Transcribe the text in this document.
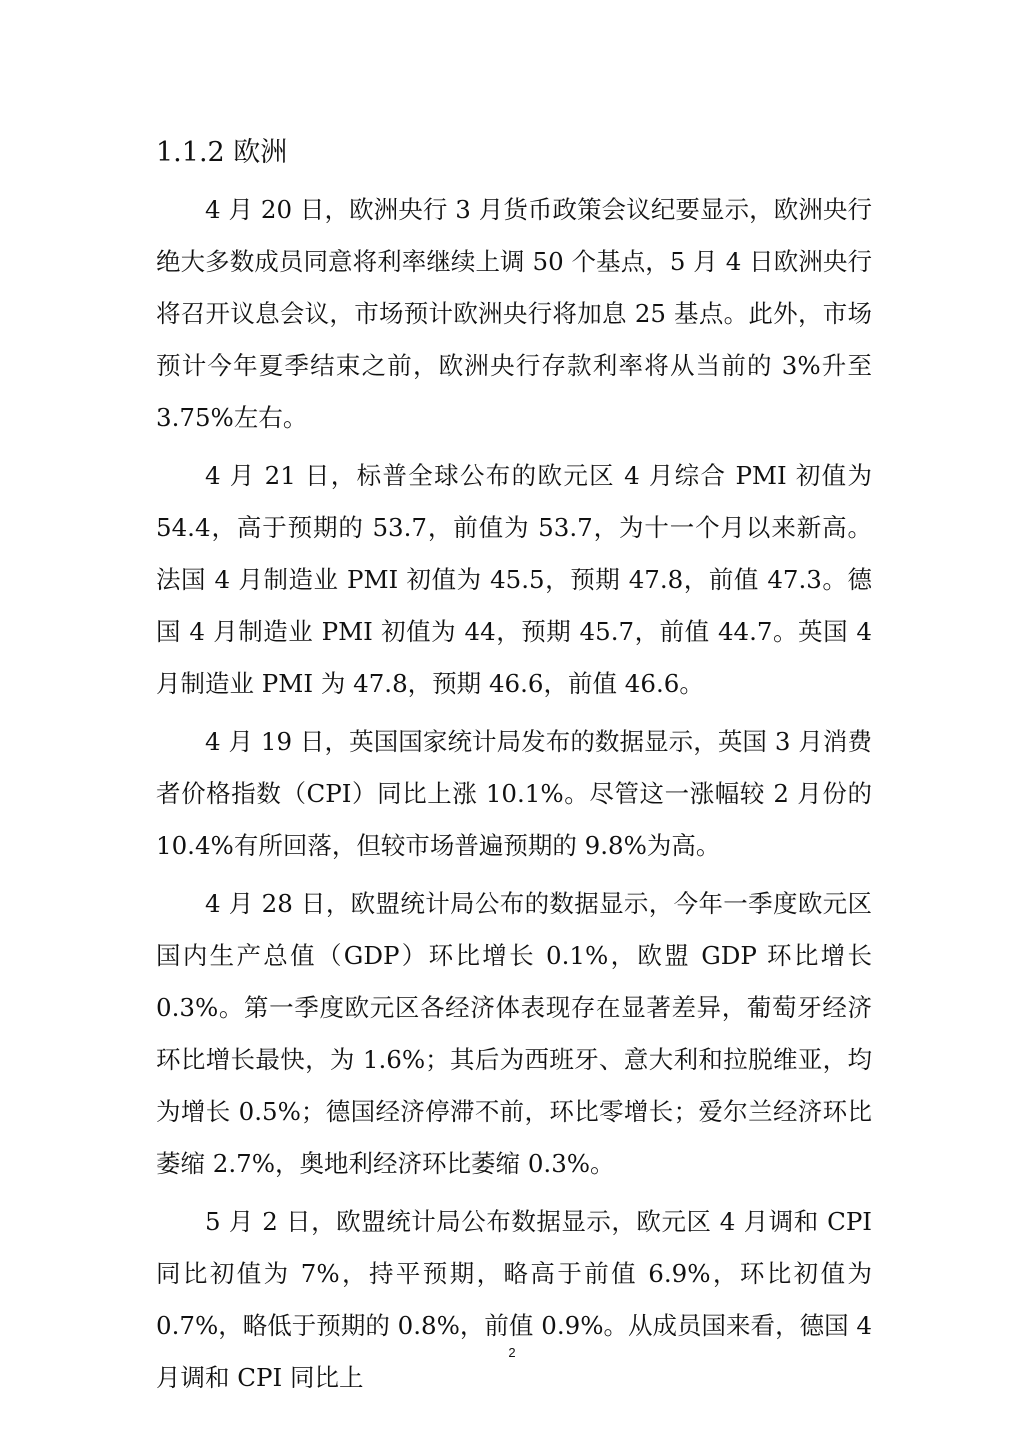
1.1.2 欧洲

4 月 20 日，欧洲央行 3 月货币政策会议纪要显示，欧洲央行绝大多数成员同意将利率继续上调 50 个基点，5 月 4 日欧洲央行将召开议息会议，市场预计欧洲央行将加息 25 基点。此外，市场预计今年夏季结束之前，欧洲央行存款利率将从当前的 3%升至 3.75%左右。

4 月 21 日，标普全球公布的欧元区 4 月综合 PMI 初值为 54.4，高于预期的 53.7，前值为 53.7，为十一个月以来新高。法国 4 月制造业 PMI 初值为 45.5，预期 47.8，前值 47.3。德国 4 月制造业 PMI 初值为 44，预期 45.7，前值 44.7。英国 4 月制造业 PMI 为 47.8，预期 46.6，前值 46.6。

4 月 19 日，英国国家统计局发布的数据显示，英国 3 月消费者价格指数（CPI）同比上涨 10.1%。尽管这一涨幅较 2 月份的 10.4%有所回落，但较市场普遍预期的 9.8%为高。

4 月 28 日，欧盟统计局公布的数据显示，今年一季度欧元区国内生产总值（GDP）环比增长 0.1%，欧盟 GDP 环比增长 0.3%。第一季度欧元区各经济体表现存在显著差异，葡萄牙经济环比增长最快，为 1.6%；其后为西班牙、意大利和拉脱维亚，均为增长 0.5%；德国经济停滞不前，环比零增长；爱尔兰经济环比萎缩 2.7%，奥地利经济环比萎缩 0.3%。

5 月 2 日，欧盟统计局公布数据显示，欧元区 4 月调和 CPI 同比初值为 7%，持平预期，略高于前值 6.9%，环比初值为 0.7%，略低于预期的 0.8%，前值 0.9%。从成员国来看，德国 4 月调和 CPI 同比上

2
